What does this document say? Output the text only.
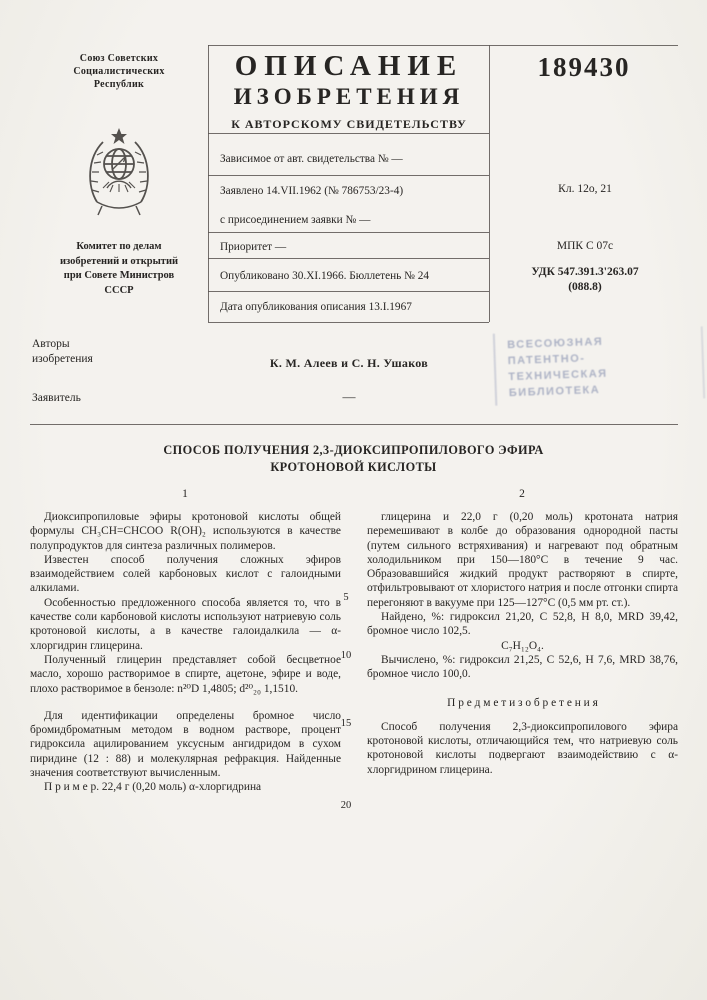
Союз Советских
Социалистических
Республик
Комитет по делам
изобретений и открытий
при Совете Министров
СССР
ОПИСАНИЕ
ИЗОБРЕТЕНИЯ
К АВТОРСКОМУ СВИДЕТЕЛЬСТВУ
189430
Зависимое от авт. свидетельства № —
Заявлено 14.VII.1962 (№ 786753/23-4)
с присоединением заявки № —
Приоритет —
Опубликовано 30.XI.1966. Бюллетень № 24
Дата опубликования описания 13.I.1967
Кл. 12о, 21
МПК С 07с
УДК 547.391.3'263.07
(088.8)
Авторы
изобретения	К. М. Алеев и С. Н. Ушаков
Заявитель	—
ВСЕСОЮЗНАЯ
ПАТЕНТНО-
ТЕХНИЧЕСКАЯ
БИБЛИОТЕКА
СПОСОБ ПОЛУЧЕНИЯ 2,3-ДИОКСИПРОПИЛОВОГО ЭФИРА
КРОТОНОВОЙ КИСЛОТЫ
1	2
5
10
15
20

Диоксипропиловые эфиры кротоновой кислоты общей формулы CH₃CH=CHCOO R(OH)₂ используются в качестве полупродуктов для синтеза различных полимеров.

Известен способ получения сложных эфиров взаимодействием солей карбоновых кислот с галоидными алкилами.

Особенностью предложенного способа является то, что в качестве соли карбоновой кислоты используют натриевую соль кротоновой кислоты, а в качестве галоидалкила — α-хлоргидрин глицерина.

Полученный глицерин представляет собой бесцветное масло, хорошо растворимое в спирте, ацетоне, эфире и воде, плохо растворимое в бензоле: n²⁰D 1,4805; d²⁰₂₀ 1,1510.

Для идентификации определены бромное число бромидброматным методом в водном растворе, процент гидроксила ацилированием уксусным ангидридом в сухом пиридине (12 : 88) и молекулярная рефракция. Найденные значения соответствуют вычисленным.

П р и м е р. 22,4 г (0,20 моль) α-хлоргидрина

глицерина и 22,0 г (0,20 моль) кротоната натрия перемешивают в колбе до образования однородной пасты (путем сильного встряхивания) и нагревают под обратным холодильником при 150—180°С в течение 9 час. Образовавшийся жидкий продукт растворяют в спирте, отфильтровывают от хлористого натрия и после отгонки спирта перегоняют в вакууме при 125—127°С (0,5 мм рт. ст.).

Найдено, %: гидроксил 21,20, С 52,8, Н 8,0, MRD 39,42, бромное число 102,5.

C₇H₁₂O₄.

Вычислено, %: гидроксил 21,25, С 52,6, Н 7,6, MRD 38,76, бромное число 100,0.

П р е д м е т и з о б р е т е н и я

Способ получения 2,3-диоксипропилового эфира кротоновой кислоты, отличающийся тем, что натриевую соль кротоновой кислоты подвергают взаимодействию с α-хлоргидрином глицерина.
